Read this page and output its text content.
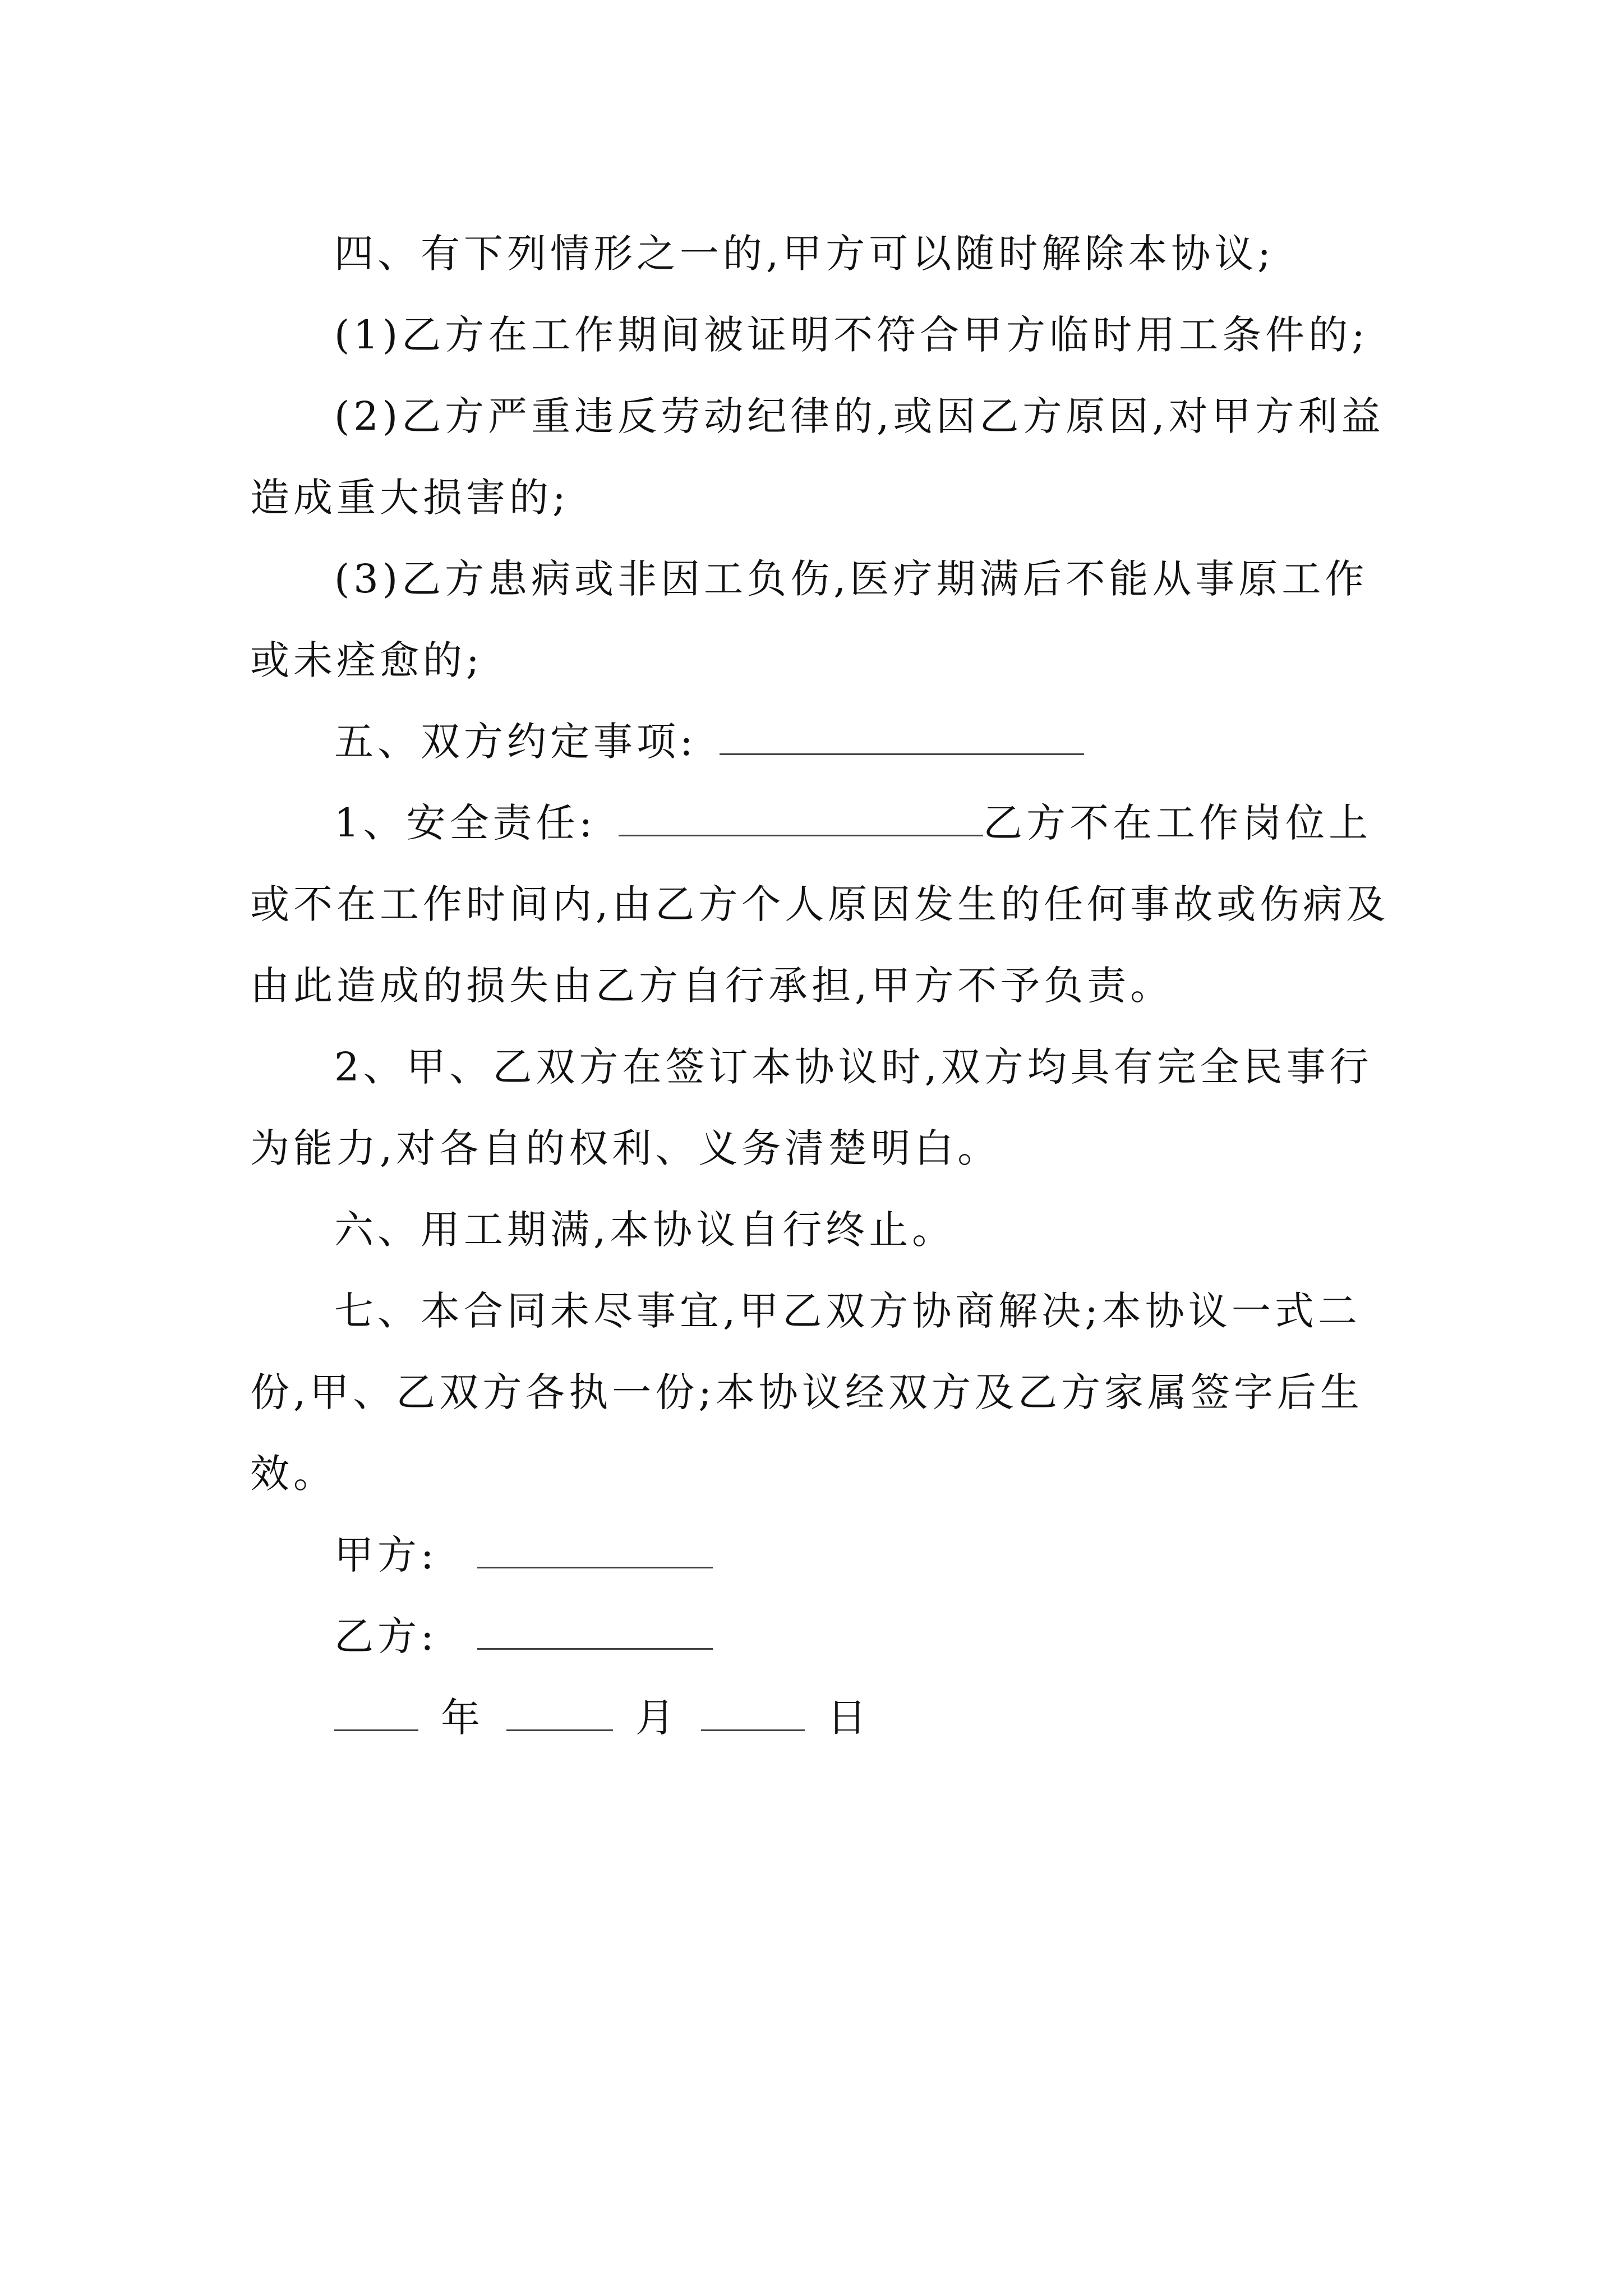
四、有下列情形之一的,甲方可以随时解除本协议;

(1)乙方在工作期间被证明不符合甲方临时用工条件的;

(2)乙方严重违反劳动纪律的,或因乙方原因,对甲方利益造成重大损害的;

(3)乙方患病或非因工负伤,医疗期满后不能从事原工作或未痊愈的;

五、双方约定事项:

1、安全责任:	乙方不在工作岗位上或不在工作时间内,由乙方个人原因发生的任何事故或伤病及由此造成的损失由乙方自行承担,甲方不予负责。

2、甲、乙双方在签订本协议时,双方均具有完全民事行为能力,对各自的权利、义务清楚明白。

六、用工期满,本协议自行终止。

七、本合同未尽事宜,甲乙双方协商解决;本协议一式二份,甲、乙双方各执一份;本协议经双方及乙方家属签字后生效。

甲方:

乙方:

年	月	日
